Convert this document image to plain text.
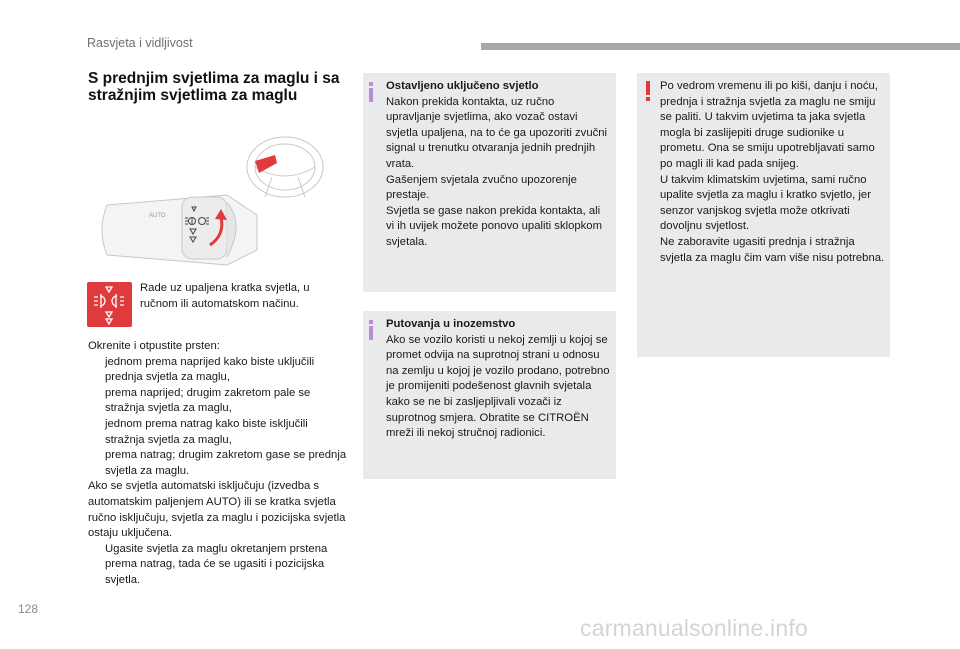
Rasvjeta i vidljivost
S prednjim svjetlima za maglu i sa stražnjim svjetlima za maglu
AUTO
Rade uz upaljena kratka svjetla, u ručnom ili automatskom načinu.

Okrenite i otpustite prsten:

jednom prema naprijed kako biste uključili prednja svjetla za maglu,
prema naprijed; drugim zakretom pale se stražnja svjetla za maglu,
jednom prema natrag kako biste isključili stražnja svjetla za maglu,
prema natrag; drugim zakretom gase se prednja svjetla za maglu.

Ako se svjetla automatski isključuju (izvedba s automatskim paljenjem AUTO) ili se kratka svjetla ručno isključuju, svjetla za maglu i pozicijska svjetla ostaju uključena.

Ugasite svjetla za maglu okretanjem prstena prema natrag, tada će se ugasiti i pozicijska svjetla.
Ostavljeno uključeno svjetlo
Nakon prekida kontakta, uz ručno upravljanje svjetlima, ako vozač ostavi svjetla upaljena, na to će ga upozoriti zvučni signal u trenutku otvaranja jednih prednjih vrata.
Gašenjem svjetala zvučno upozorenje prestaje.
Svjetla se gase nakon prekida kontakta, ali vi ih uvijek možete ponovo upaliti sklopkom svjetala.
Putovanja u inozemstvo
Ako se vozilo koristi u nekoj zemlji u kojoj se promet odvija na suprotnoj strani u odnosu na zemlju u kojoj je vozilo prodano, potrebno je promijeniti podešenost glavnih svjetala kako se ne bi zasljepljivali vozači iz suprotnog smjera. Obratite se CITROËN mreži ili nekoj stručnoj radionici.
Po vedrom vremenu ili po kiši, danju i noću, prednja i stražnja svjetla za maglu ne smiju se paliti. U takvim uvjetima ta jaka svjetla mogla bi zaslijepiti druge sudionike u prometu. Ona se smiju upotrebljavati samo po magli ili kad pada snijeg.
U takvim klimatskim uvjetima, sami ručno upalite svjetla za maglu i kratko svjetlo, jer senzor vanjskog svjetla može otkrivati dovoljnu svjetlost.
Ne zaboravite ugasiti prednja i stražnja svjetla za maglu čim vam više nisu potrebna.
128
carmanualsonline.info
